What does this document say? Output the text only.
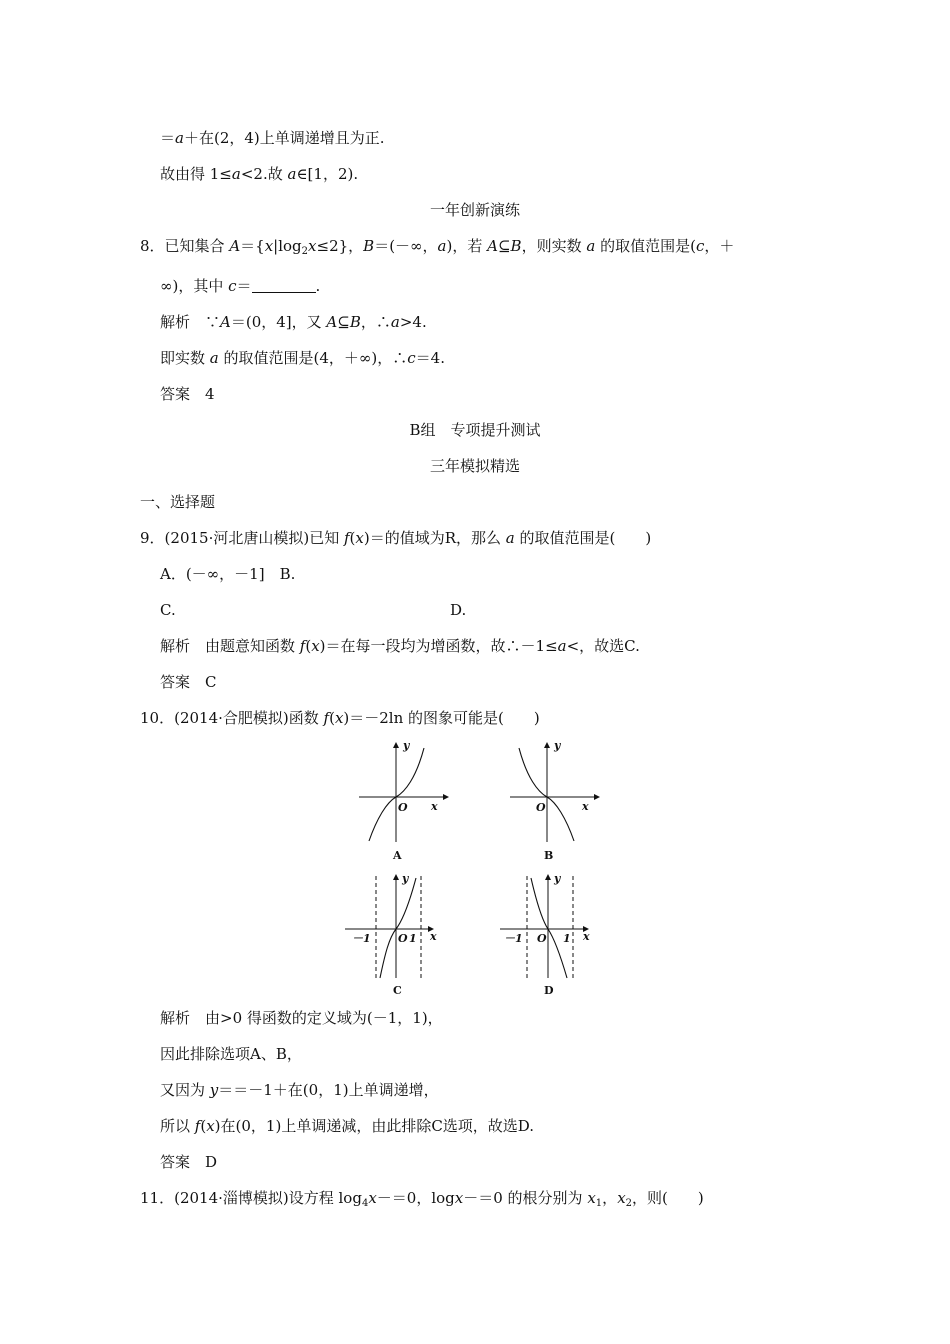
＝a＋在(2，4)上单调递增且为正.
故由得 1≤a<2.故 a∈[1，2).
一年创新演练
8．已知集合 $A=\{x|\log_2x\le 2\}$，B＝(－∞，a)，若 A⊆B，则实数 a 的取值范围是(c，＋
∞)，其中 c＝	.
解析　∵A＝(0，4]，又 A⊆B，∴a>4.
即实数 a 的取值范围是(4，＋∞)，∴c＝4.
答案　4
B组　专项提升测试
三年模拟精选
一、选择题
9．(2015·河北唐山模拟)已知 f(x)＝的值域为R，那么 a 的取值范围是(　　)
A．(－∞，－1]　B.
C.	D.
解析　由题意知函数 f(x)＝在每一段均为增函数，故∴－1≤a<，故选C.
答案　C
10．(2014·合肥模拟)函数 f(x)＝－2ln 的图象可能是(　　)
y
x
O
A
y
x
O
B
y
x
O
－1	1
C
y
x
O
－1	1
D
解析　由>0 得函数的定义域为(－1，1)，
因此排除选项A、B，
又因为 y＝＝－1＋在(0，1)上单调递增，
所以 f(x)在(0，1)上单调递减，由此排除C选项，故选D.
答案　D
11．(2014·淄博模拟)设方程 $\log_4x-=0$，logx－＝0 的根分别为 $x_1$，$x_2$，则(　　)
